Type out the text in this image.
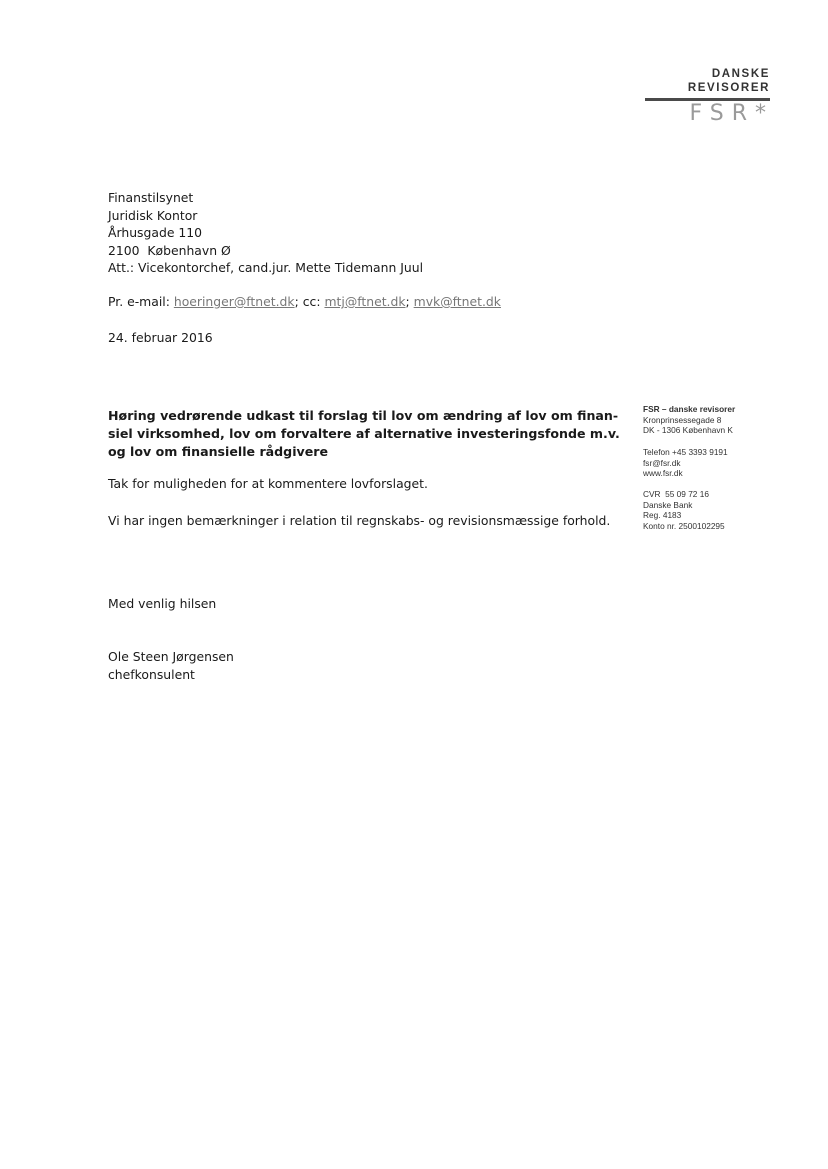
DANSKE
REVISORER
FSR*
Finanstilsynet
Juridisk Kontor
Århusgade 110
2100  København Ø
Att.: Vicekontorchef, cand.jur. Mette Tidemann Juul
Pr. e-mail: hoeringer@ftnet.dk; cc: mtj@ftnet.dk; mvk@ftnet.dk
24. februar 2016
Høring vedrørende udkast til forslag til lov om ændring af lov om finan-
siel virksomhed, lov om forvaltere af alternative investeringsfonde m.v.
og lov om finansielle rådgivere
Tak for muligheden for at kommentere lovforslaget.
Vi har ingen bemærkninger i relation til regnskabs- og revisionsmæssige forhold.
Med venlig hilsen
Ole Steen Jørgensen
chefkonsulent
FSR – danske revisorer
Kronprinsessegade 8
DK - 1306 København K
Telefon +45 3393 9191
fsr@fsr.dk
www.fsr.dk
CVR  55 09 72 16
Danske Bank
Reg. 4183
Konto nr. 2500102295
